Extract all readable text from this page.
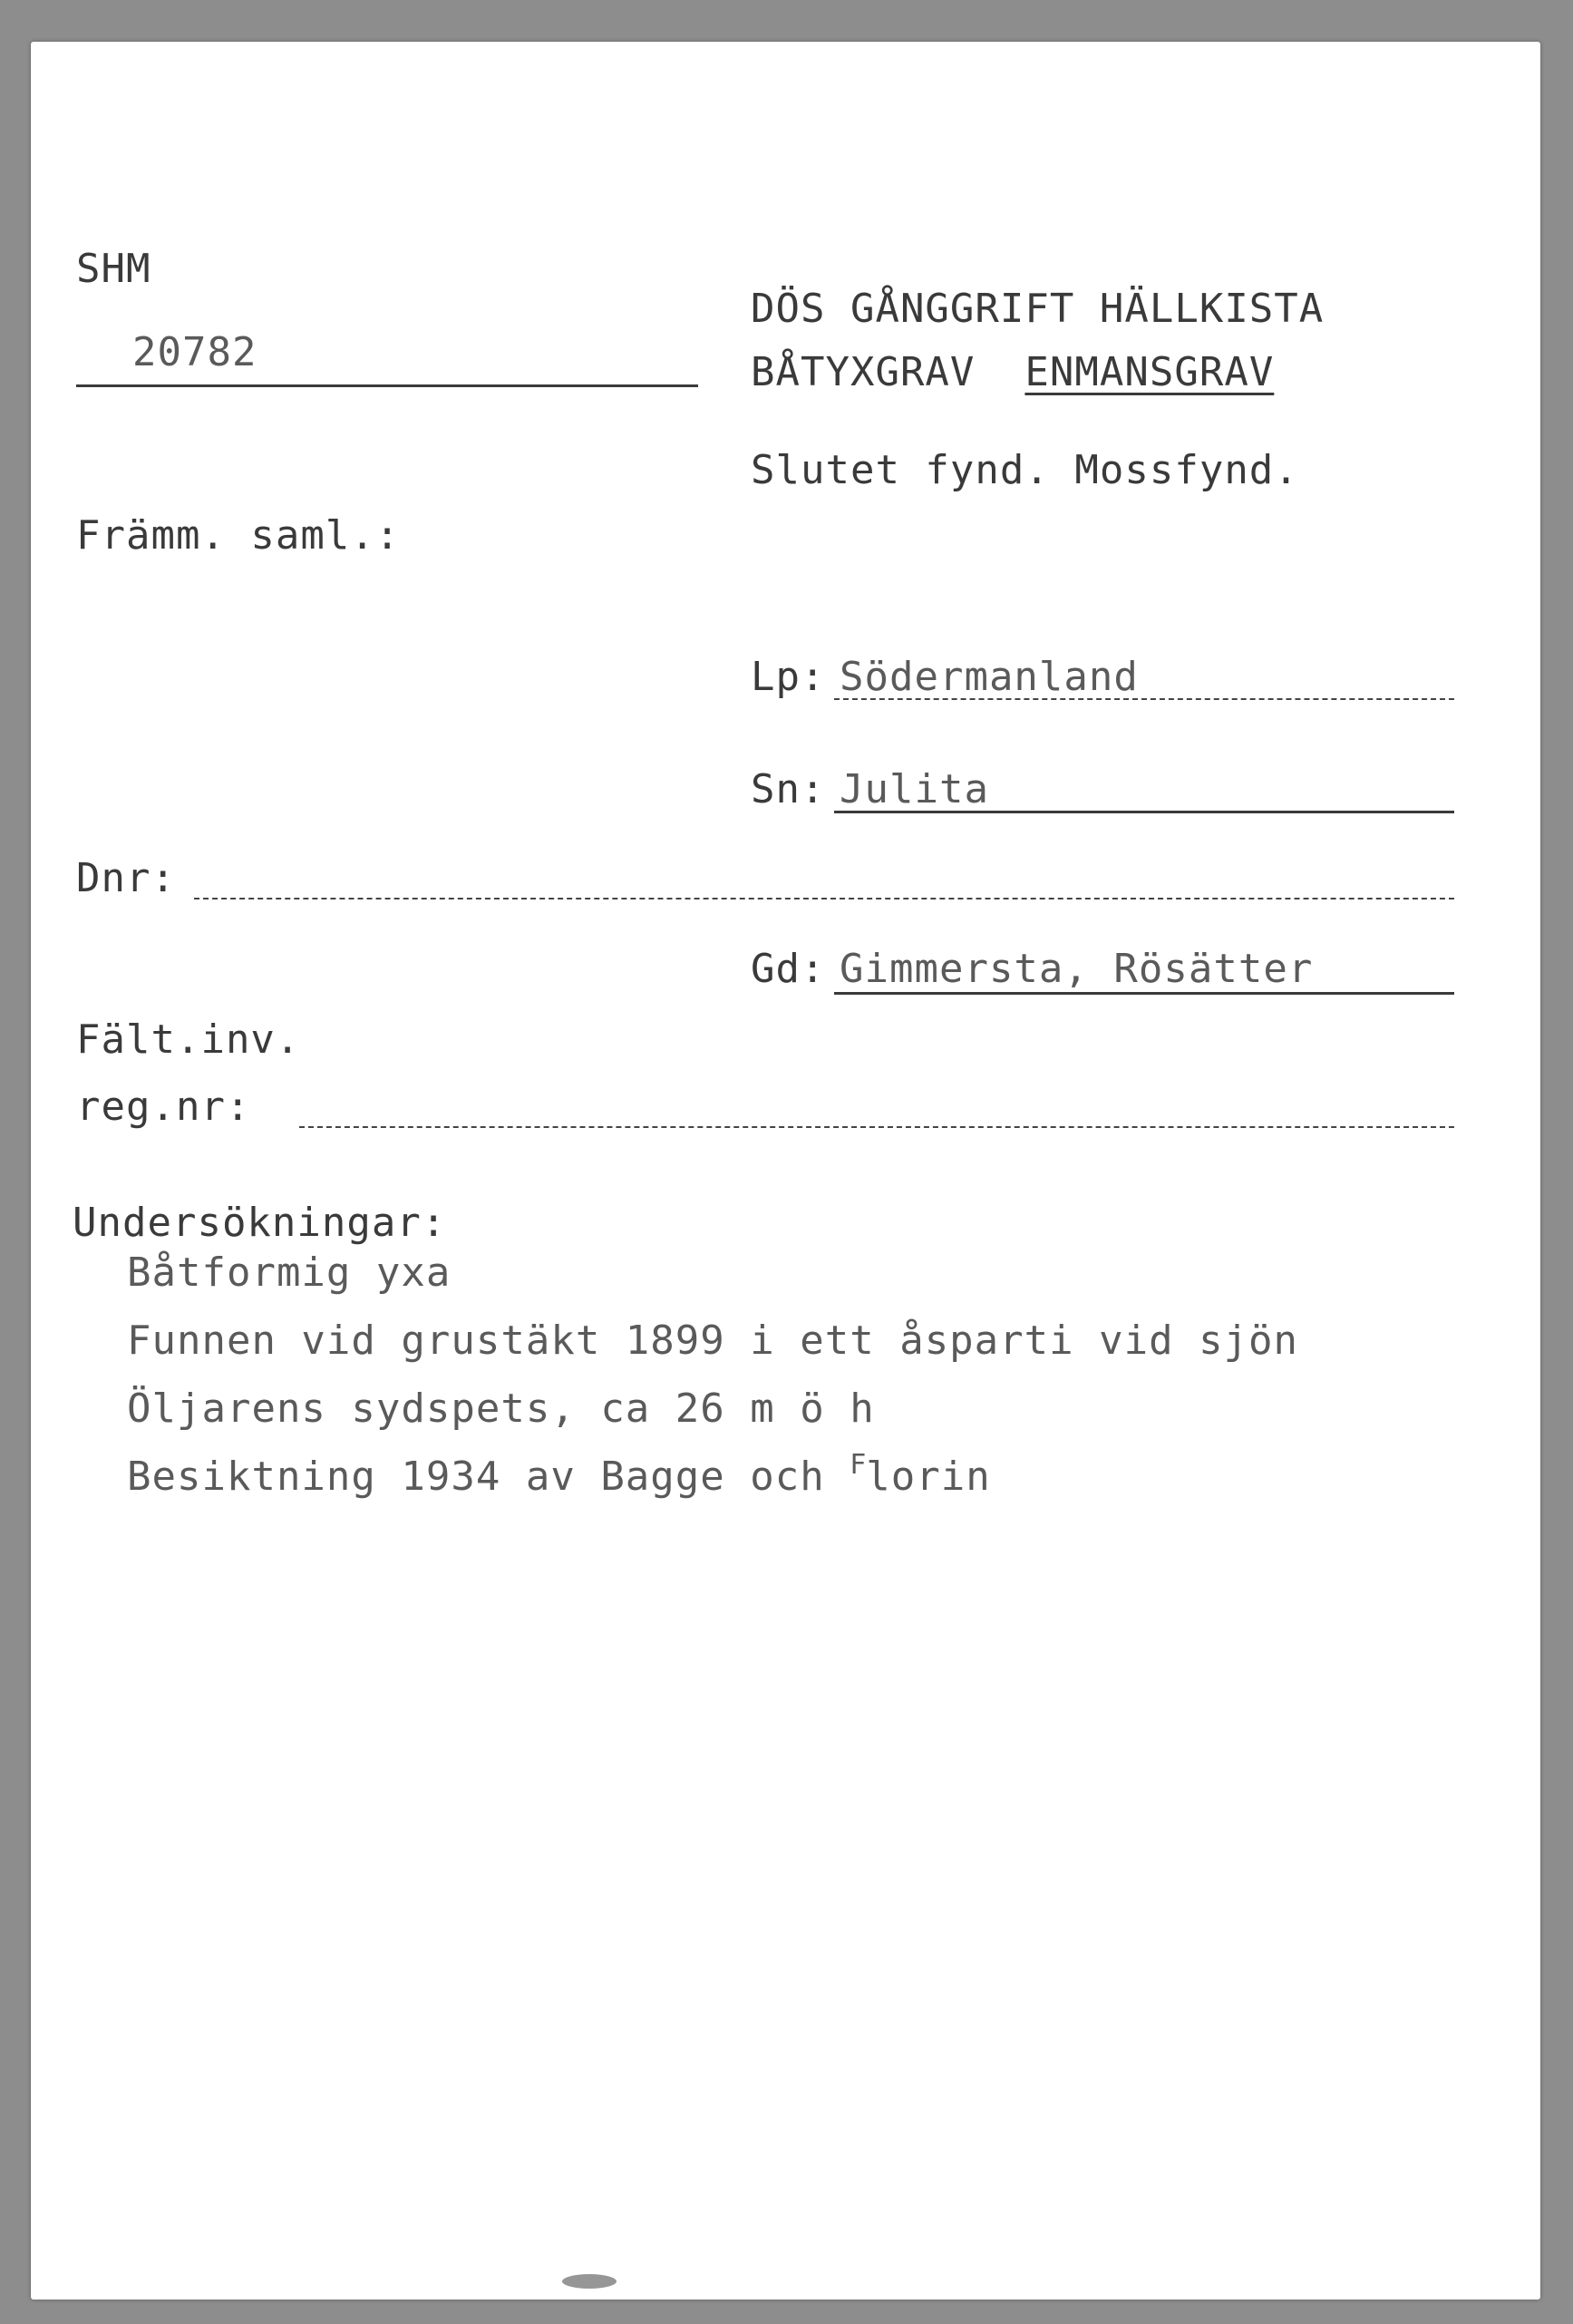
SHM
20782
Främm. saml.:
Dnr:
Fält.inv.
reg.nr:
Undersökningar:
DÖS GÅNGGRIFT HÄLLKISTA
BÅTYXGRAV ENMANSGRAV
Slutet fynd. Mossfynd.
Lp: Södermanland
Sn: Julita
Gd: Gimmersta, Rösätter
Båtformig yxa
Funnen vid grustäkt 1899 i ett åsparti vid sjön
Öljarens sydspets, ca 26 m ö h
Besiktning 1934 av Bagge och $^F$lorin
